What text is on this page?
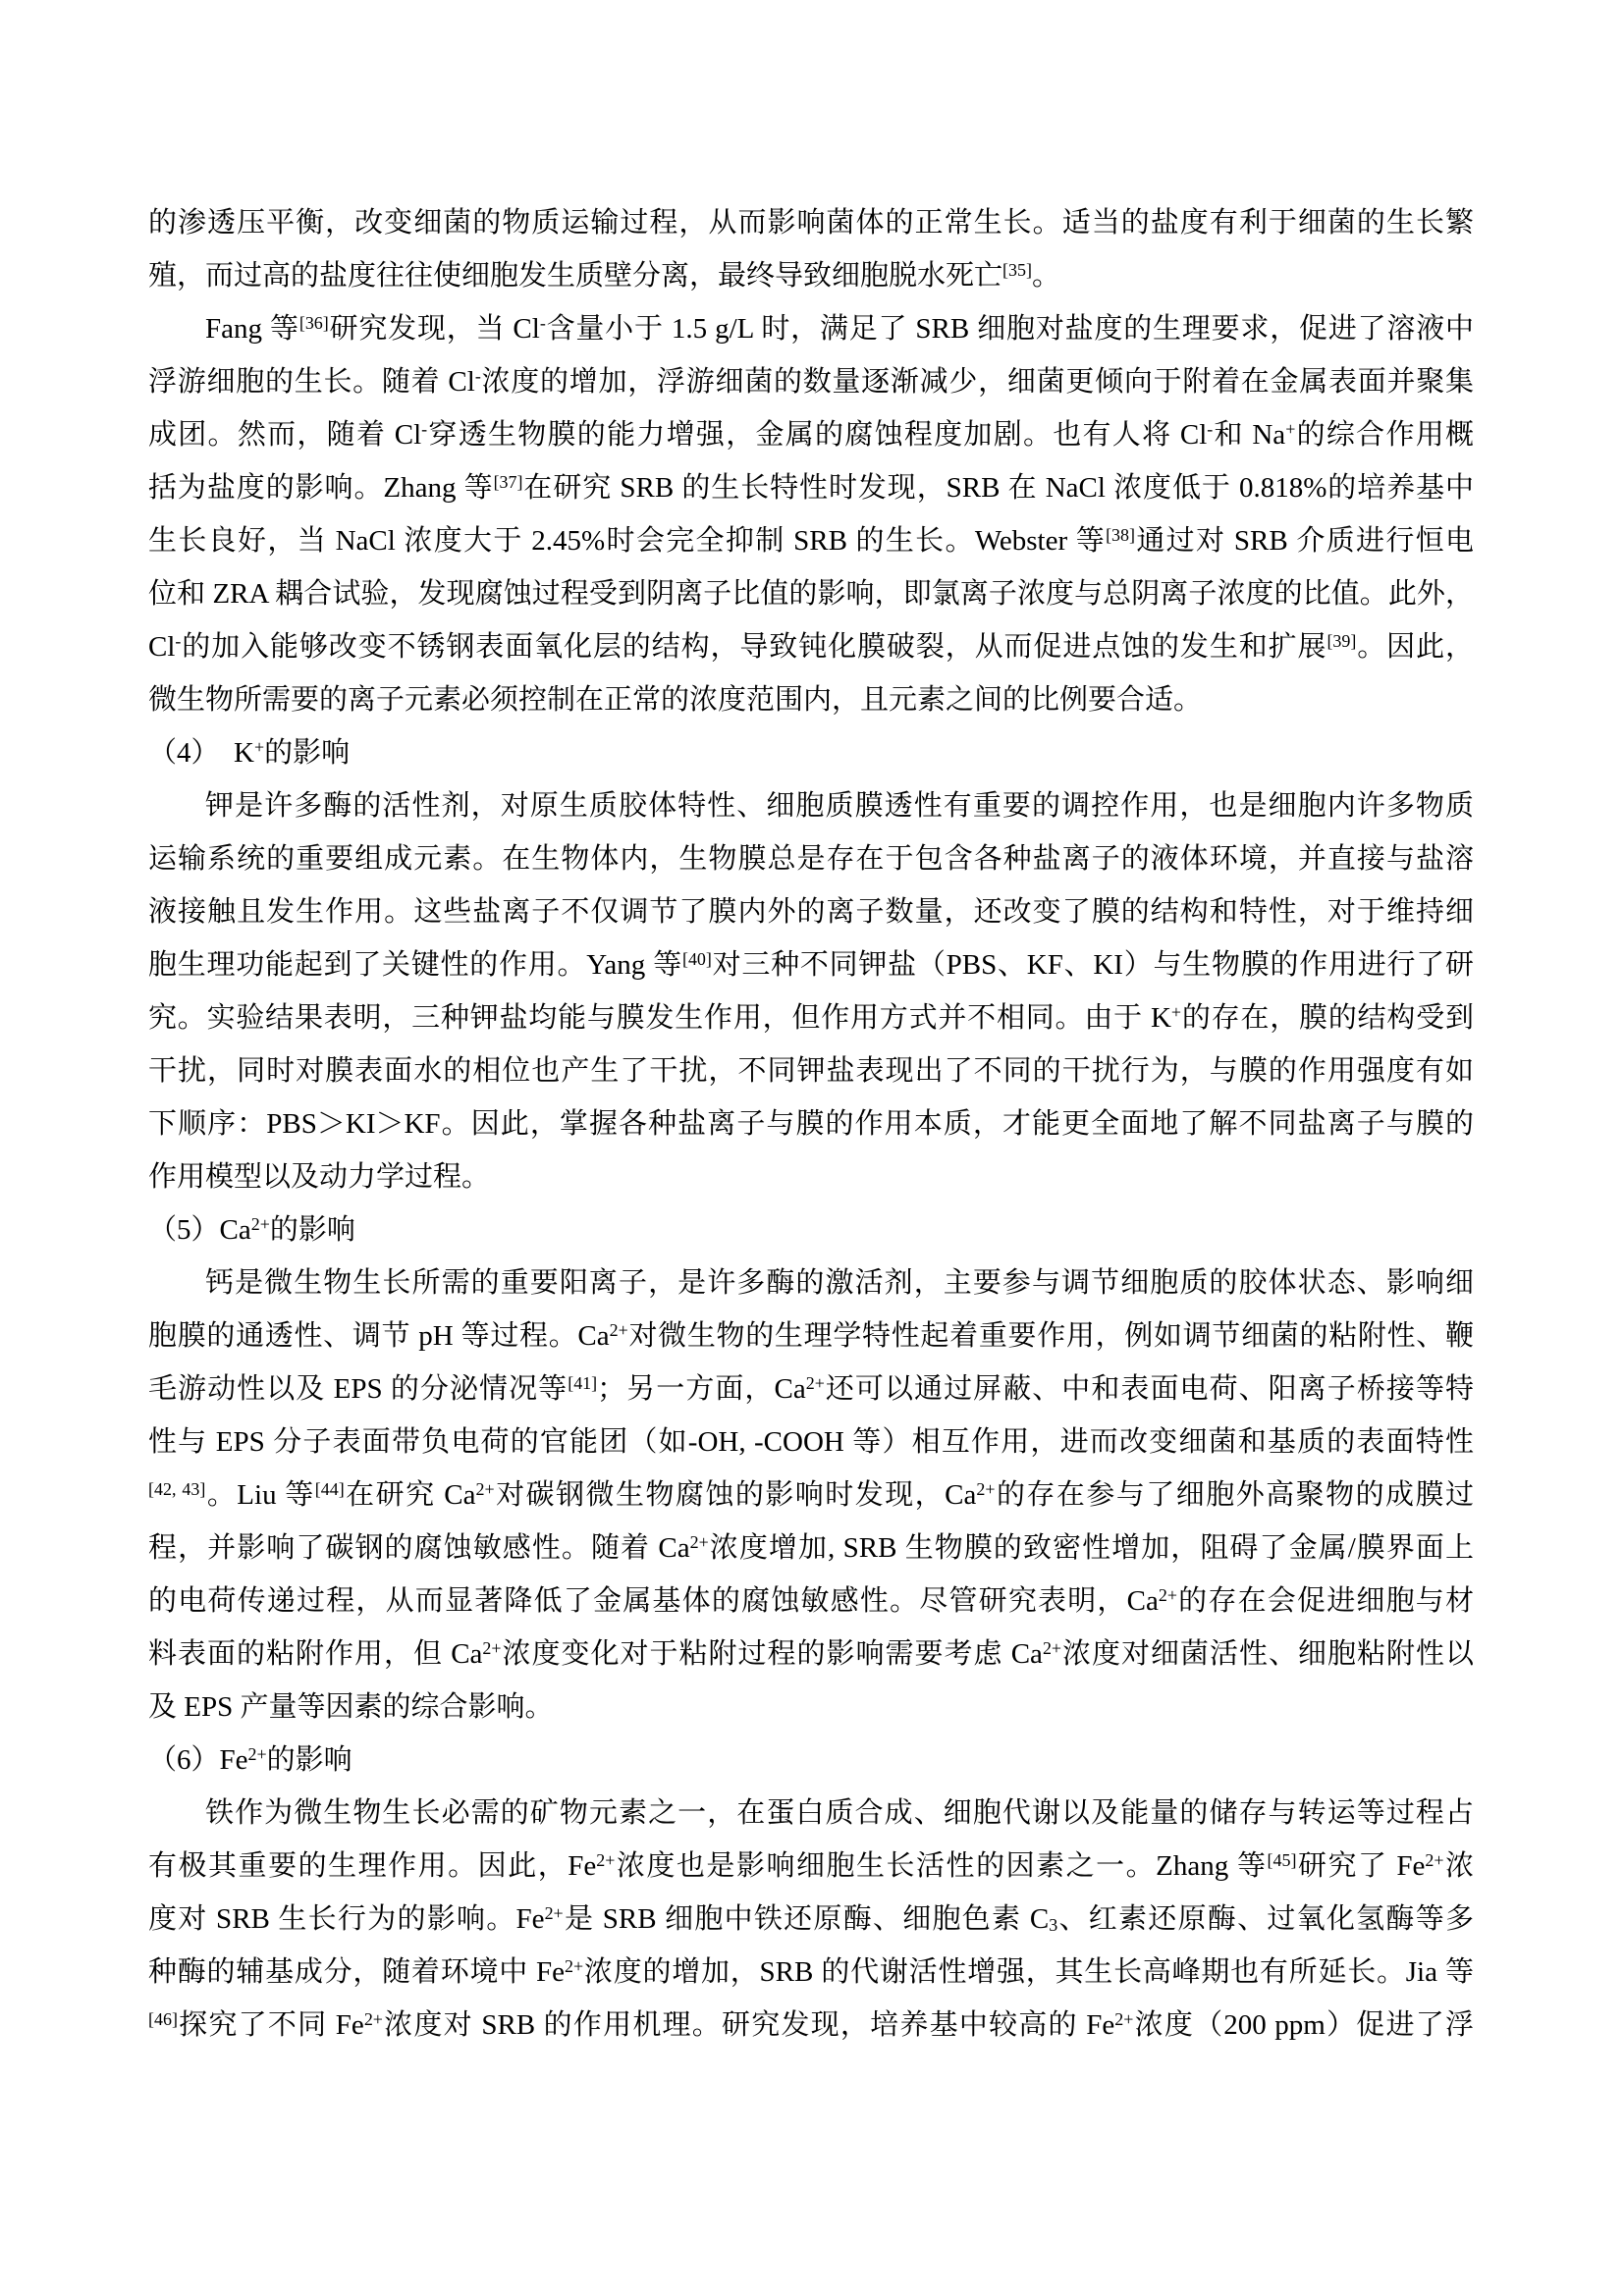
的渗透压平衡，改变细菌的物质运输过程，从而影响菌体的正常生长。适当的盐度有利于细菌的生长繁
殖，而过高的盐度往往使细胞发生质壁分离，最终导致细胞脱水死亡[35]。
Fang 等[36]研究发现，当 Cl-含量小于 1.5 g/L 时，满足了 SRB 细胞对盐度的生理要求，促进了溶液中
浮游细胞的生长。随着 Cl-浓度的增加，浮游细菌的数量逐渐减少，细菌更倾向于附着在金属表面并聚集
成团。然而，随着 Cl-穿透生物膜的能力增强，金属的腐蚀程度加剧。也有人将 Cl-和 Na+的综合作用概
括为盐度的影响。Zhang 等[37]在研究 SRB 的生长特性时发现，SRB 在 NaCl 浓度低于 0.818%的培养基中
生长良好，当 NaCl 浓度大于 2.45%时会完全抑制 SRB 的生长。Webster 等[38]通过对 SRB 介质进行恒电
位和 ZRA 耦合试验，发现腐蚀过程受到阴离子比值的影响，即氯离子浓度与总阴离子浓度的比值。此外，
Cl-的加入能够改变不锈钢表面氧化层的结构，导致钝化膜破裂，从而促进点蚀的发生和扩展[39]。因此，
微生物所需要的离子元素必须控制在正常的浓度范围内，且元素之间的比例要合适。
（4）　K+的影响
钾是许多酶的活性剂，对原生质胶体特性、细胞质膜透性有重要的调控作用，也是细胞内许多物质
运输系统的重要组成元素。在生物体内，生物膜总是存在于包含各种盐离子的液体环境，并直接与盐溶
液接触且发生作用。这些盐离子不仅调节了膜内外的离子数量，还改变了膜的结构和特性，对于维持细
胞生理功能起到了关键性的作用。Yang 等[40]对三种不同钾盐（PBS、KF、KI）与生物膜的作用进行了研
究。实验结果表明，三种钾盐均能与膜发生作用，但作用方式并不相同。由于 K+的存在，膜的结构受到
干扰，同时对膜表面水的相位也产生了干扰，不同钾盐表现出了不同的干扰行为，与膜的作用强度有如
下顺序：PBS＞KI＞KF。因此，掌握各种盐离子与膜的作用本质，才能更全面地了解不同盐离子与膜的
作用模型以及动力学过程。
$(5)Ca^{2+}$的影响
钙是微生物生长所需的重要阳离子，是许多酶的激活剂，主要参与调节细胞质的胶体状态、影响细
胞膜的通透性、调节 pH 等过程。$Ca^{2+}$对微生物的生理学特性起着重要作用，例如调节细菌的粘附性、鞭
毛游动性以及 EPS 的分泌情况等[41]；另一方面，$Ca^{2+}$还可以通过屏蔽、中和表面电荷、阳离子桥接等特
性与 EPS 分子表面带负电荷的官能团（如-OH, -COOH 等）相互作用，进而改变细菌和基质的表面特性
[42, 43]。Liu 等[44]在研究 $Ca^{2+}$对碳钢微生物腐蚀的影响时发现，$Ca^{2+}$的存在参与了细胞外高聚物的成膜过
程，并影响了碳钢的腐蚀敏感性。随着 $Ca^{2+}$浓度增加, SRB 生物膜的致密性增加，阻碍了金属/膜界面上
的电荷传递过程，从而显著降低了金属基体的腐蚀敏感性。尽管研究表明，$Ca^{2+}$的存在会促进细胞与材
料表面的粘附作用，但 $Ca^{2+}$浓度变化对于粘附过程的影响需要考虑 $Ca^{2+}$浓度对细菌活性、细胞粘附性以
及 EPS 产量等因素的综合影响。
$(6)Fe^{2+}$的影响
铁作为微生物生长必需的矿物元素之一，在蛋白质合成、细胞代谢以及能量的储存与转运等过程占
有极其重要的生理作用。因此，$Fe^{2+}$浓度也是影响细胞生长活性的因素之一。Zhang 等[45]研究了 $Fe^{2+}$浓
度对 SRB 生长行为的影响。$Fe^{2+}$是 SRB 细胞中铁还原酶、细胞色素 $C_3$、红素还原酶、过氧化氢酶等多
种酶的辅基成分，随着环境中 $Fe^{2+}$浓度的增加，SRB 的代谢活性增强，其生长高峰期也有所延长。Jia 等
[46]探究了不同 $Fe^{2+}$浓度对 SRB 的作用机理。研究发现，培养基中较高的 $Fe^{2+}$浓度（200 ppm）促进了浮
